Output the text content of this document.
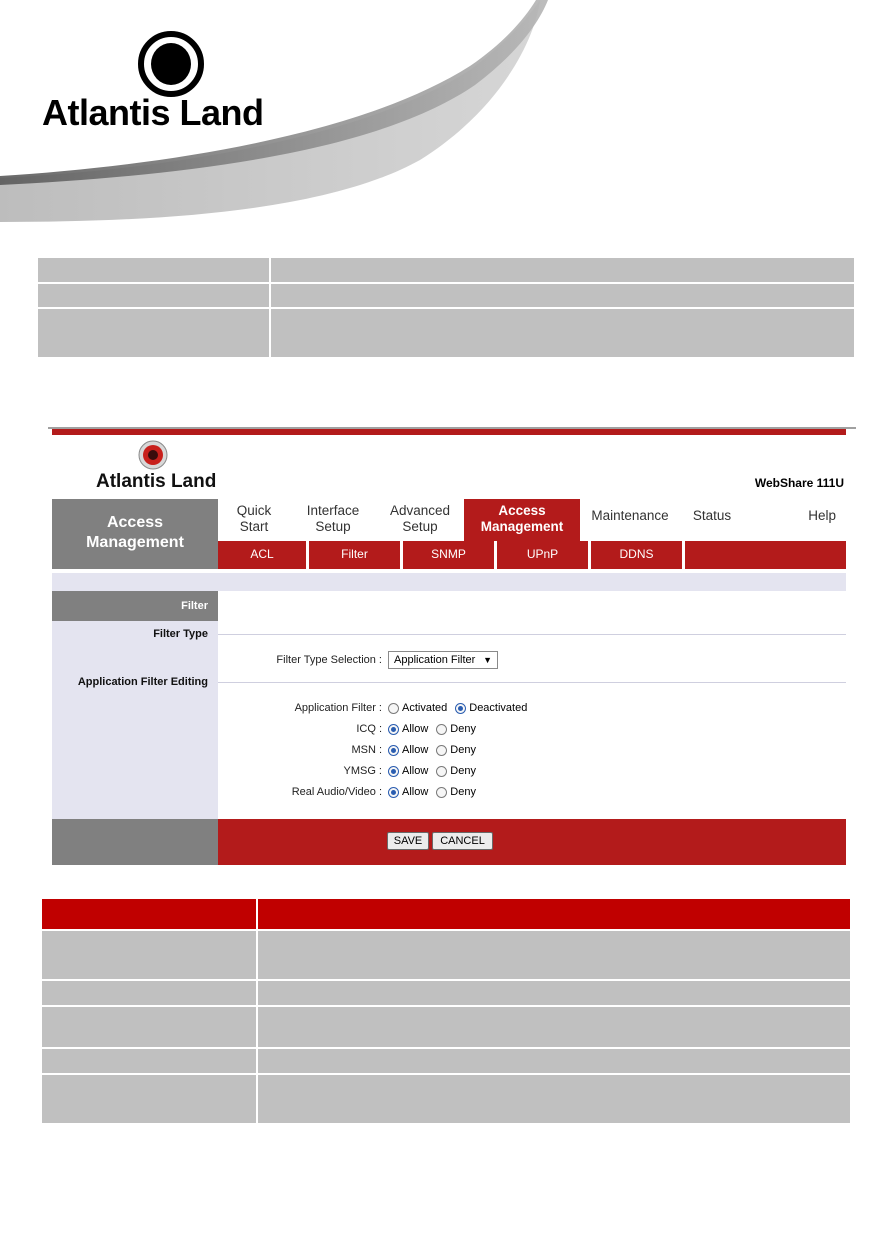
Atlantis Land

Atlantis Land	WebShare 111U
Access Management
Quick Start
Interface Setup
Advanced Setup
Access Management
Maintenance	Status	Help
ACL	Filter	SNMP	UPnP	DDNS
Filter
Filter Type
Filter Type Selection : Application Filter ▼
Application Filter Editing
Application Filter : Activated Deactivated
ICQ : Allow Deny
MSN : Allow Deny
YMSG : Allow Deny
Real Audio/Video : Allow Deny
SAVE	CANCEL
